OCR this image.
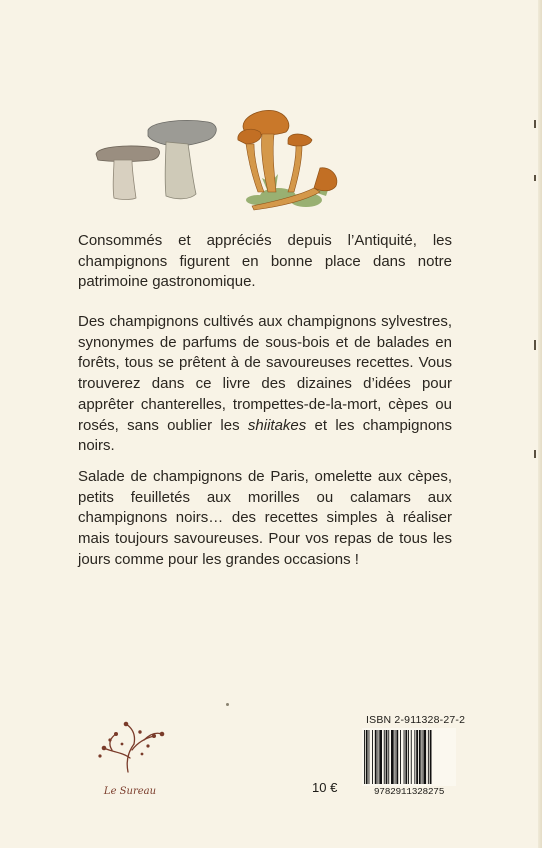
Consommés et appréciés depuis l’Antiquité, les champignons figurent en bonne place dans notre patrimoine gastronomique.

Des champignons cultivés aux champignons sylvestres, synonymes de parfums de sous-bois et de balades en forêts, tous se prêtent à de savoureuses recettes. Vous trouverez dans ce livre des dizaines d’idées pour apprêter chanterelles, trompettes-de-la-mort, cèpes ou rosés, sans oublier les shiitakes et les champignons noirs.

Salade de champignons de Paris, omelette aux cèpes, petits feuilletés aux morilles ou calamars aux champignons noirs… des recettes simples à réaliser mais toujours savoureuses. Pour vos repas de tous les jours comme pour les grandes occasions !

Le Sureau	10 €
ISBN 2-911328-27-2
9782911328275
